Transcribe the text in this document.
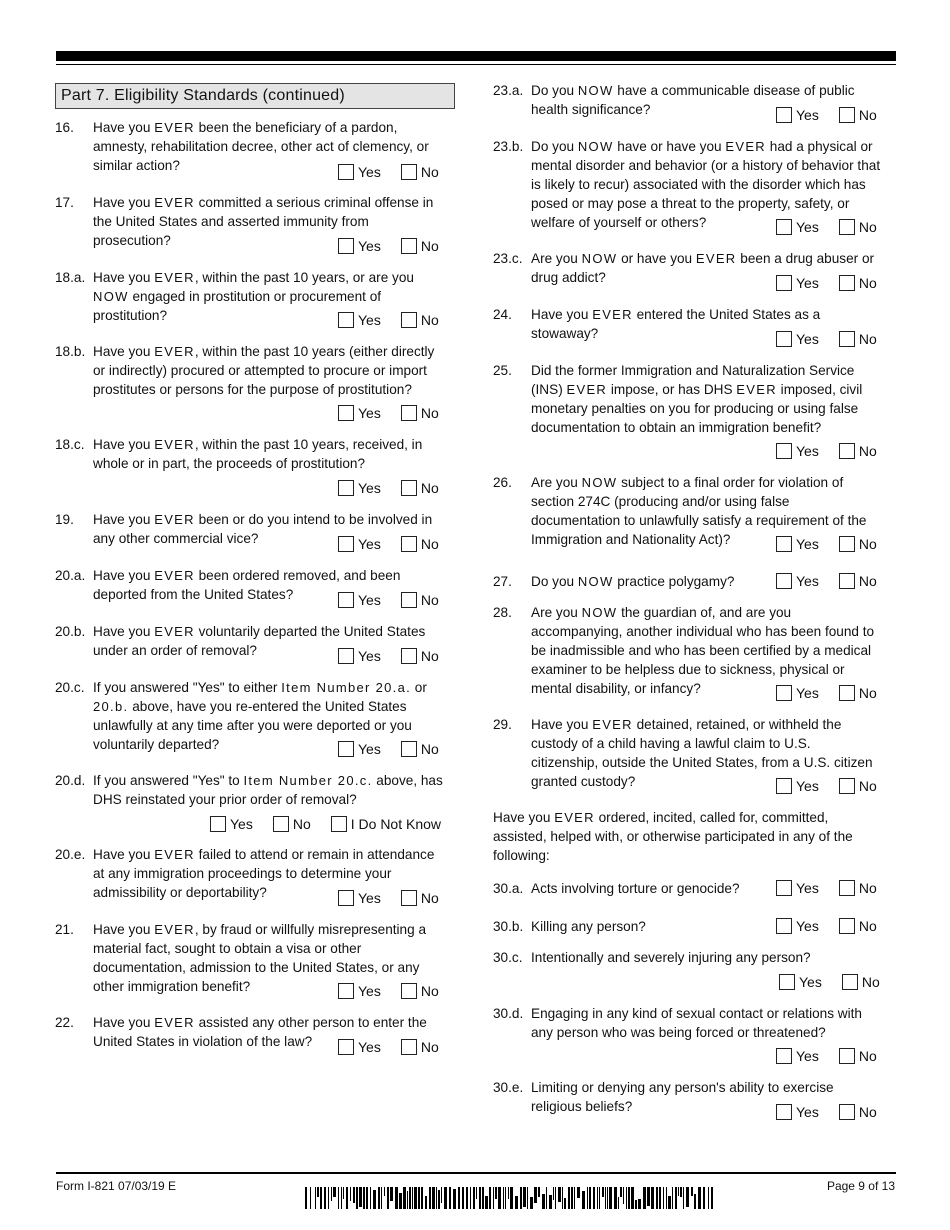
Part 7. Eligibility Standards (continued)
16. Have you EVER been the beneficiary of a pardon,
amnesty, rehabilitation decree, other act of clemency, or
similar action?	Yes	No
17. Have you EVER committed a serious criminal offense in
the United States and asserted immunity from
prosecution?	Yes	No
18.a. Have you EVER, within the past 10 years, or are you
NOW engaged in prostitution or procurement of
prostitution?	Yes	No
18.b. Have you EVER, within the past 10 years (either directly
or indirectly) procured or attempted to procure or import
prostitutes or persons for the purpose of prostitution?

Yes	No
18.c. Have you EVER, within the past 10 years, received, in
whole or in part, the proceeds of prostitution?

Yes	No
19. Have you EVER been or do you intend to be involved in
any other commercial vice?	Yes	No
20.a. Have you EVER been ordered removed, and been
deported from the United States?	Yes	No
20.b. Have you EVER voluntarily departed the United States
under an order of removal?	Yes	No
20.c. If you answered "Yes" to either Item Number 20.a. or
20.b. above, have you re-entered the United States
unlawfully at any time after you were deported or you
voluntarily departed?	Yes	No
20.d. If you answered "Yes" to Item Number 20.c. above, has
DHS reinstated your prior order of removal?

Yes	No	I Do Not Know
20.e. Have you EVER failed to attend or remain in attendance
at any immigration proceedings to determine your
admissibility or deportability?	Yes	No
21. Have you EVER, by fraud or willfully misrepresenting a
material fact, sought to obtain a visa or other
documentation, admission to the United States, or any
other immigration benefit?	Yes	No
22. Have you EVER assisted any other person to enter the
United States in violation of the law?	Yes	No
23.a. Do you NOW have a communicable disease of public
health significance?	Yes	No
23.b. Do you NOW have or have you EVER had a physical or
mental disorder and behavior (or a history of behavior that
is likely to recur) associated with the disorder which has
posed or may pose a threat to the property, safety, or
welfare of yourself or others?	Yes	No
23.c. Are you NOW or have you EVER been a drug abuser or
drug addict?	Yes	No
24. Have you EVER entered the United States as a
stowaway?	Yes	No
25. Did the former Immigration and Naturalization Service
(INS) EVER impose, or has DHS EVER imposed, civil
monetary penalties on you for producing or using false
documentation to obtain an immigration benefit?

Yes	No
26. Are you NOW subject to a final order for violation of
section 274C (producing and/or using false
documentation to unlawfully satisfy a requirement of the
Immigration and Nationality Act)?	Yes	No
27. Do you NOW practice polygamy?	Yes	No
28. Are you NOW the guardian of, and are you
accompanying, another individual who has been found to
be inadmissible and who has been certified by a medical
examiner to be helpless due to sickness, physical or
mental disability, or infancy?	Yes	No
29. Have you EVER detained, retained, or withheld the
custody of a child having a lawful claim to U.S.
citizenship, outside the United States, from a U.S. citizen
granted custody?	Yes	No
Have you EVER ordered, incited, called for, committed,
assisted, helped with, or otherwise participated in any of the
following:

30.a. Acts involving torture or genocide?	Yes	No
30.b. Killing any person?	Yes	No
30.c. Intentionally and severely injuring any person?

Yes	No
30.d. Engaging in any kind of sexual contact or relations with
any person who was being forced or threatened?

Yes	No
30.e. Limiting or denying any person's ability to exercise
religious beliefs?	Yes	No
Form I-821 07/03/19 E	Page 9 of 13
